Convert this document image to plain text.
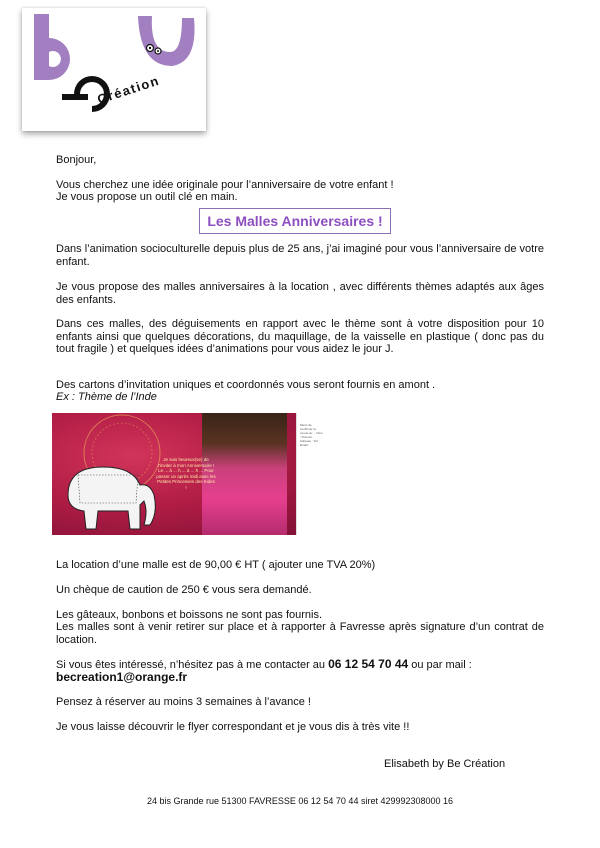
Création

Bonjour,

Vous cherchez une idée originale pour l’anniversaire de votre enfant !

Je vous propose un outil clé en main.

Les Malles Anniversaires !

Dans l’animation socioculturelle depuis plus de 25 ans, j’ai imaginé pour vous l’anniversaire de votre enfant.

Je vous propose des malles anniversaires à la location , avec différents thèmes adaptés aux âges des enfants.

Dans ces malles, des déguisements en rapport avec le thème sont à votre disposition pour 10 enfants ainsi que quelques décorations, du maquillage, de la vaisselle en plastique ( donc pas du tout fragile ) et quelques idées d’animations pour vous aidez le jour J.

Des cartons d’invitation uniques et coordonnés vous seront fournis en amont .

Ex : Thème de l’Inde

Je suis heureux(se) de t’inviter à mon Anniversaire ! Le ... à ... h ... à ... h ... Pour passer un après midi avec les Petites Princesses des Indes !
Merci de confirmer ta venue au ... Nom : Prénom : Adresse : Tél : Email :

La location d’une malle est de 90,00 € HT ( ajouter une TVA 20%)

Un chèque de caution de 250 € vous sera demandé.

Les gâteaux, bonbons et boissons ne sont pas fournis.

Les malles sont à venir retirer sur place et à rapporter à Favresse après signature d’un contrat de location.

Si vous êtes intéressé, n’hésitez pas à me contacter au 06 12 54 70 44 ou par mail :

becreation1@orange.fr

Pensez à réserver au moins 3 semaines à l’avance !

Je vous laisse découvrir le flyer correspondant et je vous dis à très vite !!

Elisabeth by Be Création
24 bis Grande rue 51300 FAVRESSE 06 12 54 70 44 siret 429992308000 16
